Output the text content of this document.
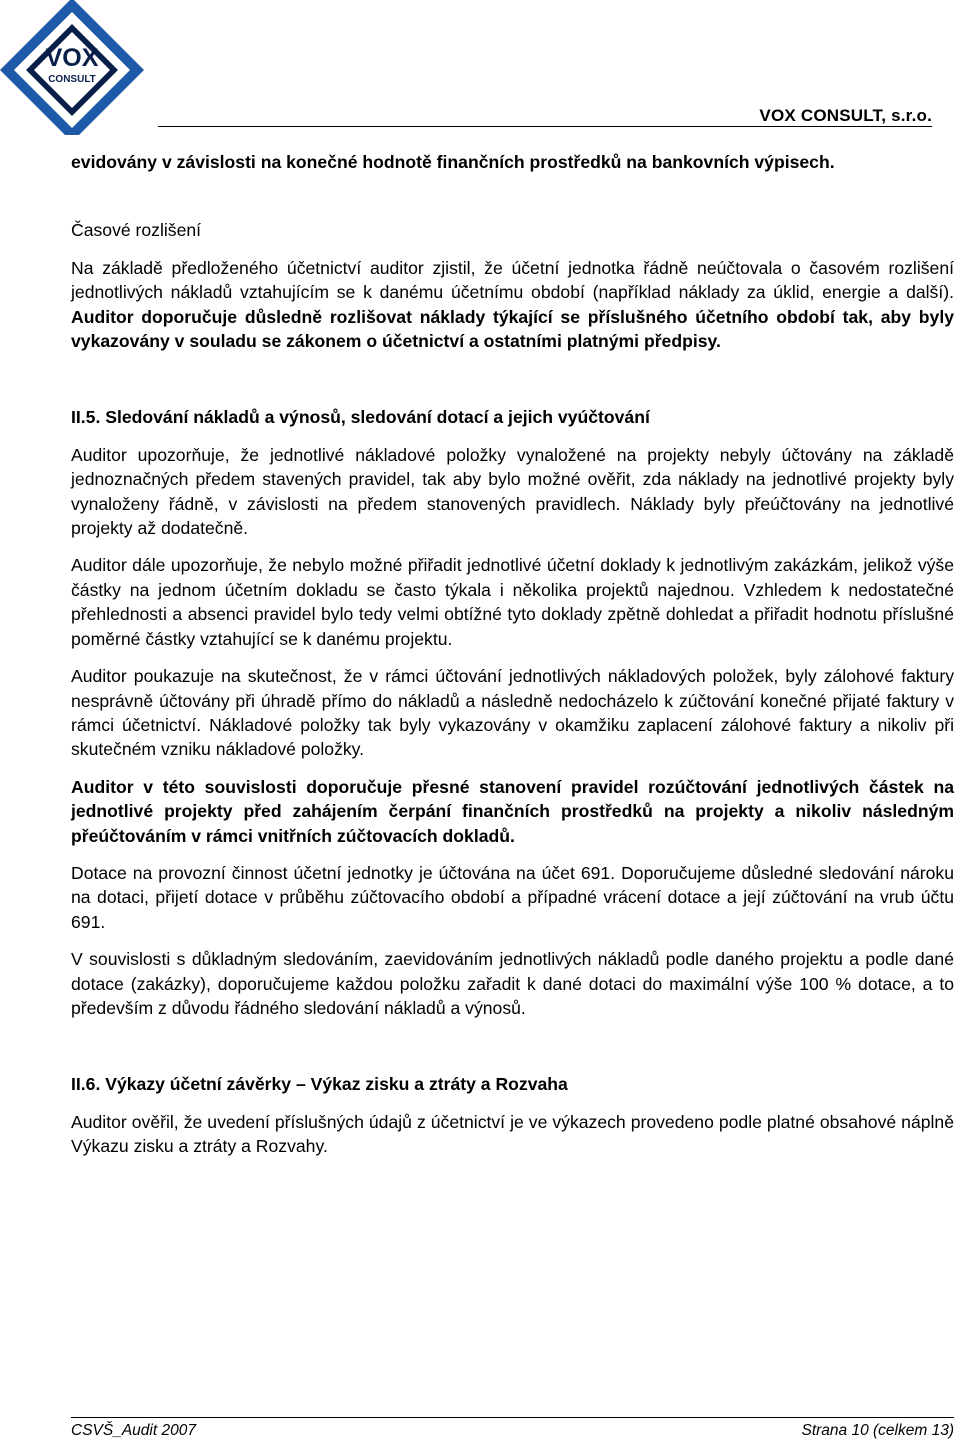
VOX
CONSULT
VOX CONSULT, s.r.o.

evidovány v závislosti na konečné hodnotě finančních prostředků na bankovních výpisech.

Časové rozlišení

Na základě předloženého účetnictví auditor zjistil, že účetní jednotka řádně neúčtovala o časovém rozlišení jednotlivých nákladů vztahujícím se k danému účetnímu období (například náklady za úklid, energie a další). Auditor doporučuje důsledně rozlišovat náklady týkající se příslušného účetního období tak, aby byly vykazovány v souladu se zákonem o účetnictví a ostatními platnými předpisy.

II.5. Sledování nákladů a výnosů, sledování dotací a jejich vyúčtování

Auditor upozorňuje, že jednotlivé nákladové položky vynaložené na projekty nebyly účtovány na základě jednoznačných předem stavených pravidel, tak aby bylo možné ověřit, zda náklady na jednotlivé projekty byly vynaloženy řádně, v závislosti na předem stanovených pravidlech. Náklady byly přeúčtovány na jednotlivé projekty až dodatečně.

Auditor dále upozorňuje, že nebylo možné přiřadit jednotlivé účetní doklady k jednotlivým zakázkám, jelikož výše částky na jednom účetním dokladu se často týkala i několika projektů najednou. Vzhledem k nedostatečné přehlednosti a absenci pravidel bylo tedy velmi obtížné tyto doklady zpětně dohledat a přiřadit hodnotu příslušné poměrné částky vztahující se k danému projektu.

Auditor poukazuje na skutečnost, že v rámci účtování jednotlivých nákladových položek, byly zálohové faktury nesprávně účtovány při úhradě přímo do nákladů a následně nedocházelo k zúčtování konečné přijaté faktury v rámci účetnictví. Nákladové položky tak byly vykazovány v okamžiku zaplacení zálohové faktury a nikoliv při skutečném vzniku nákladové položky.

Auditor v této souvislosti doporučuje přesné stanovení pravidel rozúčtování jednotlivých částek na jednotlivé projekty před zahájením čerpání finančních prostředků na projekty a nikoliv následným přeúčtováním v rámci vnitřních zúčtovacích dokladů.

Dotace na provozní činnost účetní jednotky je účtována na účet 691. Doporučujeme důsledné sledování nároku na dotaci, přijetí dotace v průběhu zúčtovacího období a případné vrácení dotace a její zúčtování na vrub účtu 691.

V souvislosti s důkladným sledováním, zaevidováním jednotlivých nákladů podle daného projektu a podle dané dotace (zakázky), doporučujeme každou položku zařadit k dané dotaci do maximální výše 100 % dotace, a to především z důvodu řádného sledování nákladů a výnosů.

II.6. Výkazy účetní závěrky – Výkaz zisku a ztráty a Rozvaha

Auditor ověřil, že uvedení příslušných údajů z účetnictví je ve výkazech provedeno podle platné obsahové náplně Výkazu zisku a ztráty a Rozvahy.

CSVŠ_Audit 2007	Strana 10 (celkem 13)
